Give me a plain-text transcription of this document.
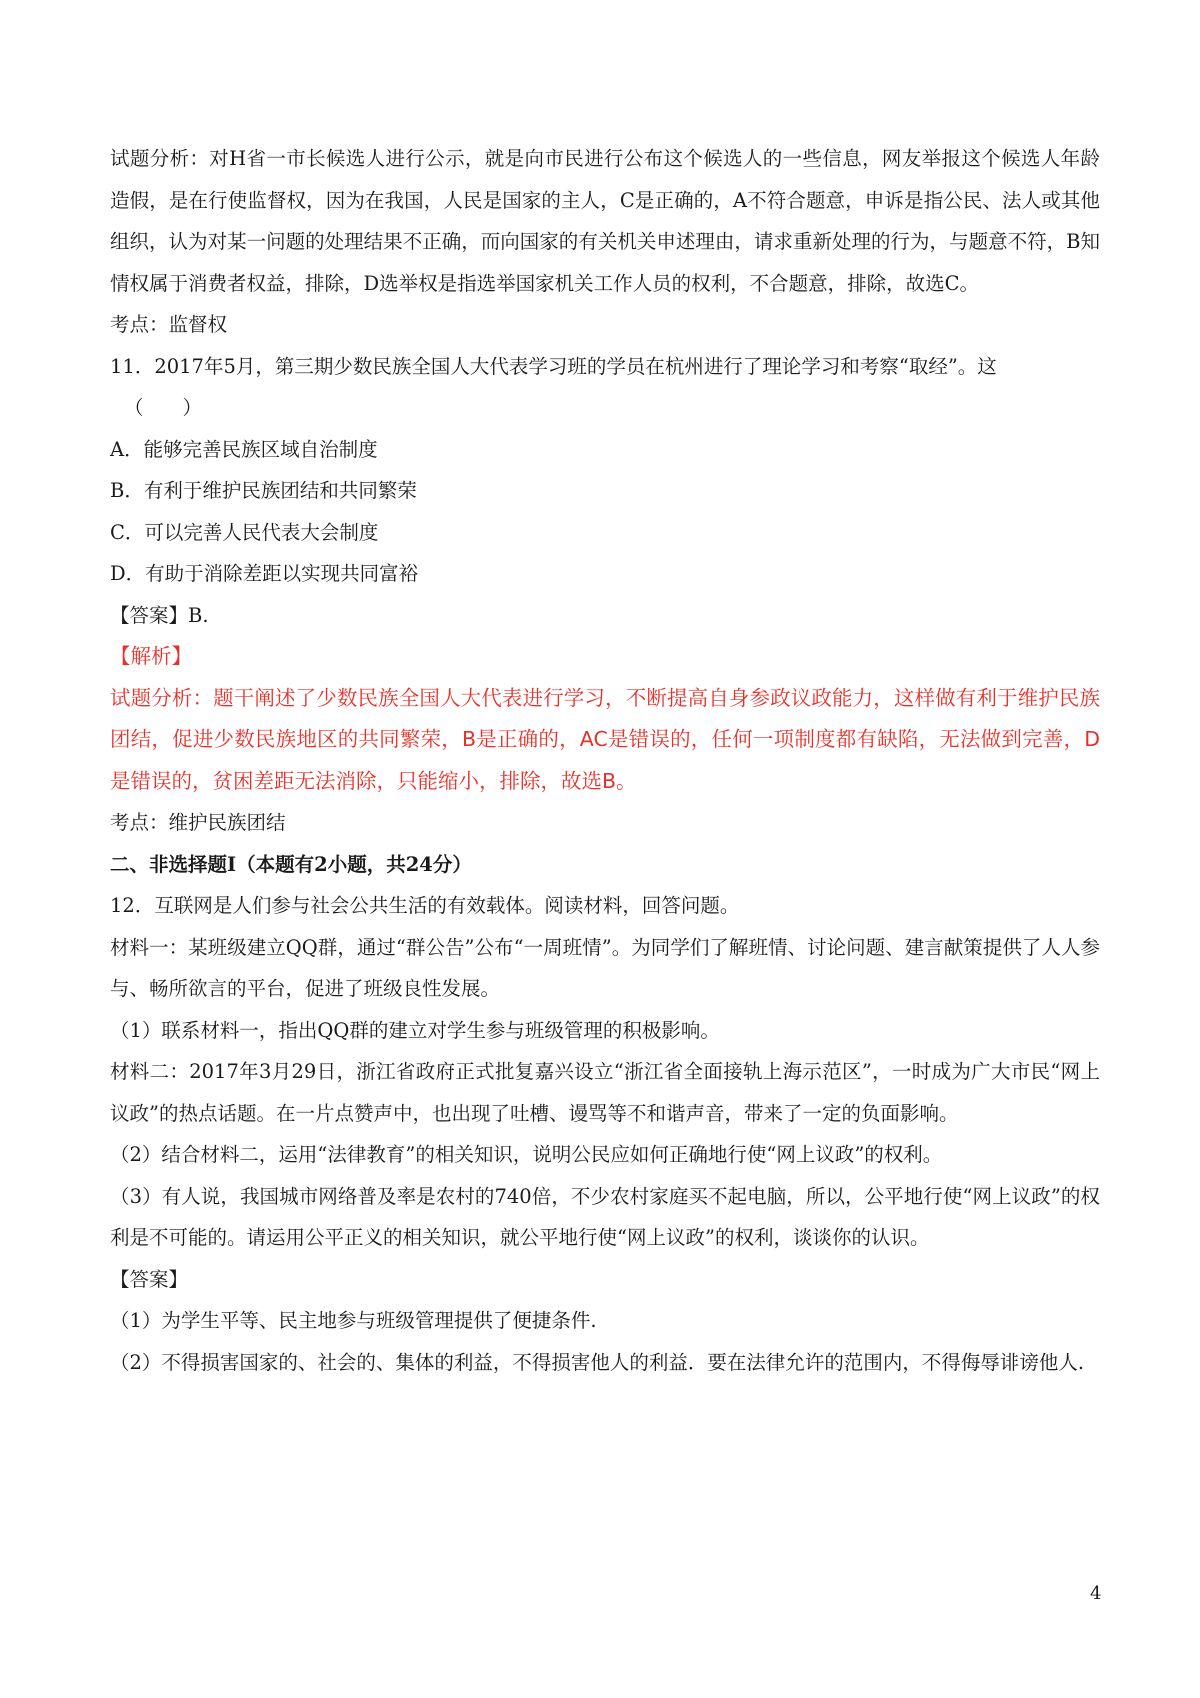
试题分析：对H省一市长候选人进行公示，就是向市民进行公布这个候选人的一些信息，网友举报这个候选人年龄造假，是在行使监督权，因为在我国，人民是国家的主人，C是正确的，A不符合题意，申诉是指公民、法人或其他组织，认为对某一问题的处理结果不正确，而向国家的有关机关申述理由，请求重新处理的行为，与题意不符，B知情权属于消费者权益，排除，D选举权是指选举国家机关工作人员的权利，不合题意，排除，故选C。

考点：监督权

11．2017年5月，第三期少数民族全国人大代表学习班的学员在杭州进行了理论学习和考察“取经”。这

（　　）

A．能够完善民族区域自治制度

B．有利于维护民族团结和共同繁荣

C．可以完善人民代表大会制度

D．有助于消除差距以实现共同富裕

【答案】B.

【解析】

试题分析：题干阐述了少数民族全国人大代表进行学习，不断提高自身参政议政能力，这样做有利于维护民族团结，促进少数民族地区的共同繁荣，B是正确的，AC是错误的，任何一项制度都有缺陷，无法做到完善，D是错误的，贫困差距无法消除，只能缩小，排除，故选B。

考点：维护民族团结

二、非选择题Ⅰ（本题有2小题，共24分）

12．互联网是人们参与社会公共生活的有效载体。阅读材料，回答问题。

材料一：某班级建立QQ群，通过“群公告”公布“一周班情”。为同学们了解班情、讨论问题、建言献策提供了人人参与、畅所欲言的平台，促进了班级良性发展。

（1）联系材料一，指出QQ群的建立对学生参与班级管理的积极影响。

材料二：2017年3月29日，浙江省政府正式批复嘉兴设立“浙江省全面接轨上海示范区”，一时成为广大市民“网上议政”的热点话题。在一片点赞声中，也出现了吐槽、谩骂等不和谐声音，带来了一定的负面影响。

（2）结合材料二，运用“法律教育”的相关知识，说明公民应如何正确地行使“网上议政”的权利。

（3）有人说，我国城市网络普及率是农村的740倍，不少农村家庭买不起电脑，所以，公平地行使“网上议政”的权利是不可能的。请运用公平正义的相关知识，就公平地行使“网上议政”的权利，谈谈你的认识。

【答案】

（1）为学生平等、民主地参与班级管理提供了便捷条件.

（2）不得损害国家的、社会的、集体的利益，不得损害他人的利益．要在法律允许的范围内，不得侮辱诽谤他人.

4
